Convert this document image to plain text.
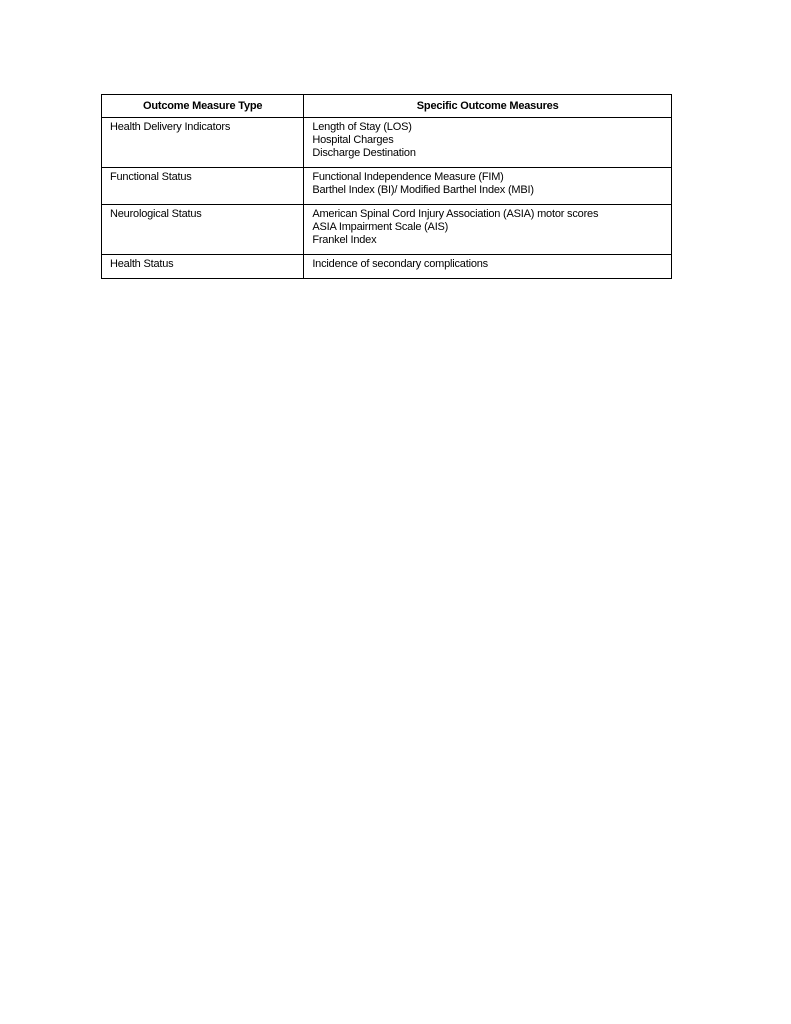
Outcome Measure Type	Specific Outcome Measures
Health Delivery Indicators	Length of Stay (LOS)
Hospital Charges
Discharge Destination

Functional Status	Functional Independence Measure (FIM)
Barthel Index (BI)/ Modified Barthel Index (MBI)

Neurological Status	American Spinal Cord Injury Association (ASIA) motor scores
ASIA Impairment Scale (AIS)
Frankel Index

Health Status	Incidence of secondary complications
